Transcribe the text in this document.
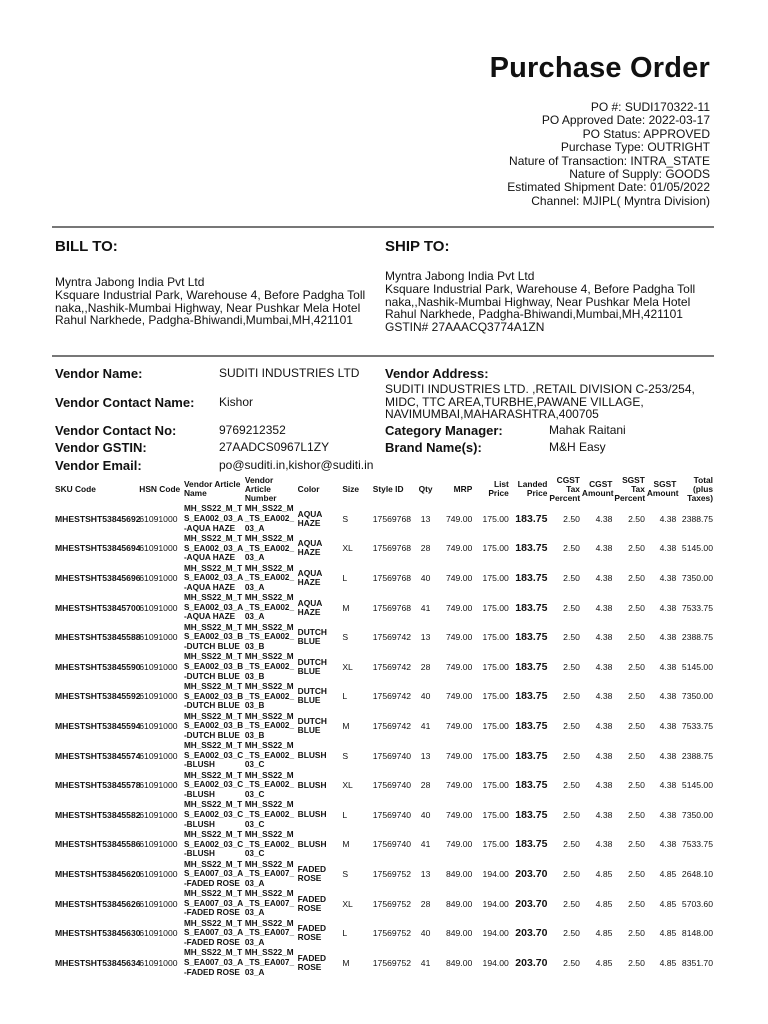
Purchase Order
PO #: SUDI170322-11
PO Approved Date: 2022-03-17
PO Status: APPROVED
Purchase Type: OUTRIGHT
Nature of Transaction: INTRA_STATE
Nature of Supply: GOODS
Estimated Shipment Date: 01/05/2022
Channel: MJIPL( Myntra Division)
BILL TO:	SHIP TO:
Myntra Jabong India Pvt Ltd
Ksquare Industrial Park, Warehouse 4, Before Padgha Toll
naka,,Nashik-Mumbai Highway, Near Pushkar Mela Hotel
Rahul Narkhede, Padgha-Bhiwandi,Mumbai,MH,421101
Myntra Jabong India Pvt Ltd
Ksquare Industrial Park, Warehouse 4, Before Padgha Toll
naka,,Nashik-Mumbai Highway, Near Pushkar Mela Hotel
Rahul Narkhede, Padgha-Bhiwandi,Mumbai,MH,421101
GSTIN# 27AAACQ3774A1ZN
Vendor Name:	SUDITI INDUSTRIES LTD
Vendor Contact Name: Kishor
Vendor Contact No:	9769212352
Vendor GSTIN:	27AADCS0967L1ZY
Vendor Email:	po@suditi.in,kishor@suditi.in
Vendor Address:
SUDITI INDUSTRIES LTD. ,RETAIL DIVISION C-253/254,
MIDC, TTC AREA,TURBHE,PAWANE VILLAGE,
NAVIMUMBAI,MAHARASHTRA,400705
Category Manager:	Mahak Raitani
Brand Name(s):	M&H Easy
SKU Code	HSN Code	Vendor Article Name	Vendor Article Number	Color	Size	Style ID	Qty	MRP	List Price	Landed Price	CGST Tax Percent	CGST Amount	SGST Tax Percent	SGST Amount	Total (plus Taxes)
MHESTSHT53845692	61091000	MH_SS22_M_T S_EA002_03_A -AQUA HAZE	MH_SS22_M _TS_EA002_ 03_A	AQUA HAZE	S	17569768	13	749.00	175.00	183.75	2.50	4.38	2.50	4.38	2388.75
MHESTSHT53845694	61091000	MH_SS22_M_T S_EA002_03_A -AQUA HAZE	MH_SS22_M _TS_EA002_ 03_A	AQUA HAZE	XL	17569768	28	749.00	175.00	183.75	2.50	4.38	2.50	4.38	5145.00
MHESTSHT53845696	61091000	MH_SS22_M_T S_EA002_03_A -AQUA HAZE	MH_SS22_M _TS_EA002_ 03_A	AQUA HAZE	L	17569768	40	749.00	175.00	183.75	2.50	4.38	2.50	4.38	7350.00
MHESTSHT53845700	61091000	MH_SS22_M_T S_EA002_03_A -AQUA HAZE	MH_SS22_M _TS_EA002_ 03_A	AQUA HAZE	M	17569768	41	749.00	175.00	183.75	2.50	4.38	2.50	4.38	7533.75
MHESTSHT53845588	61091000	MH_SS22_M_T S_EA002_03_B -DUTCH BLUE	MH_SS22_M _TS_EA002_ 03_B	DUTCH BLUE	S	17569742	13	749.00	175.00	183.75	2.50	4.38	2.50	4.38	2388.75
MHESTSHT53845590	61091000	MH_SS22_M_T S_EA002_03_B -DUTCH BLUE	MH_SS22_M _TS_EA002_ 03_B	DUTCH BLUE	XL	17569742	28	749.00	175.00	183.75	2.50	4.38	2.50	4.38	5145.00
MHESTSHT53845592	61091000	MH_SS22_M_T S_EA002_03_B -DUTCH BLUE	MH_SS22_M _TS_EA002_ 03_B	DUTCH BLUE	L	17569742	40	749.00	175.00	183.75	2.50	4.38	2.50	4.38	7350.00
MHESTSHT53845594	61091000	MH_SS22_M_T S_EA002_03_B -DUTCH BLUE	MH_SS22_M _TS_EA002_ 03_B	DUTCH BLUE	M	17569742	41	749.00	175.00	183.75	2.50	4.38	2.50	4.38	7533.75
MHESTSHT53845574	61091000	MH_SS22_M_T S_EA002_03_C -BLUSH	MH_SS22_M _TS_EA002_ 03_C	BLUSH	S	17569740	13	749.00	175.00	183.75	2.50	4.38	2.50	4.38	2388.75
MHESTSHT53845578	61091000	MH_SS22_M_T S_EA002_03_C -BLUSH	MH_SS22_M _TS_EA002_ 03_C	BLUSH	XL	17569740	28	749.00	175.00	183.75	2.50	4.38	2.50	4.38	5145.00
MHESTSHT53845582	61091000	MH_SS22_M_T S_EA002_03_C -BLUSH	MH_SS22_M _TS_EA002_ 03_C	BLUSH	L	17569740	40	749.00	175.00	183.75	2.50	4.38	2.50	4.38	7350.00
MHESTSHT53845586	61091000	MH_SS22_M_T S_EA002_03_C -BLUSH	MH_SS22_M _TS_EA002_ 03_C	BLUSH	M	17569740	41	749.00	175.00	183.75	2.50	4.38	2.50	4.38	7533.75
MHESTSHT53845620	61091000	MH_SS22_M_T S_EA007_03_A -FADED ROSE	MH_SS22_M _TS_EA007_ 03_A	FADED ROSE	S	17569752	13	849.00	194.00	203.70	2.50	4.85	2.50	4.85	2648.10
MHESTSHT53845626	61091000	MH_SS22_M_T S_EA007_03_A -FADED ROSE	MH_SS22_M _TS_EA007_ 03_A	FADED ROSE	XL	17569752	28	849.00	194.00	203.70	2.50	4.85	2.50	4.85	5703.60
MHESTSHT53845630	61091000	MH_SS22_M_T S_EA007_03_A -FADED ROSE	MH_SS22_M _TS_EA007_ 03_A	FADED ROSE	L	17569752	40	849.00	194.00	203.70	2.50	4.85	2.50	4.85	8148.00
MHESTSHT53845634	61091000	MH_SS22_M_T S_EA007_03_A -FADED ROSE	MH_SS22_M _TS_EA007_ 03_A	FADED ROSE	M	17569752	41	849.00	194.00	203.70	2.50	4.85	2.50	4.85	8351.70
